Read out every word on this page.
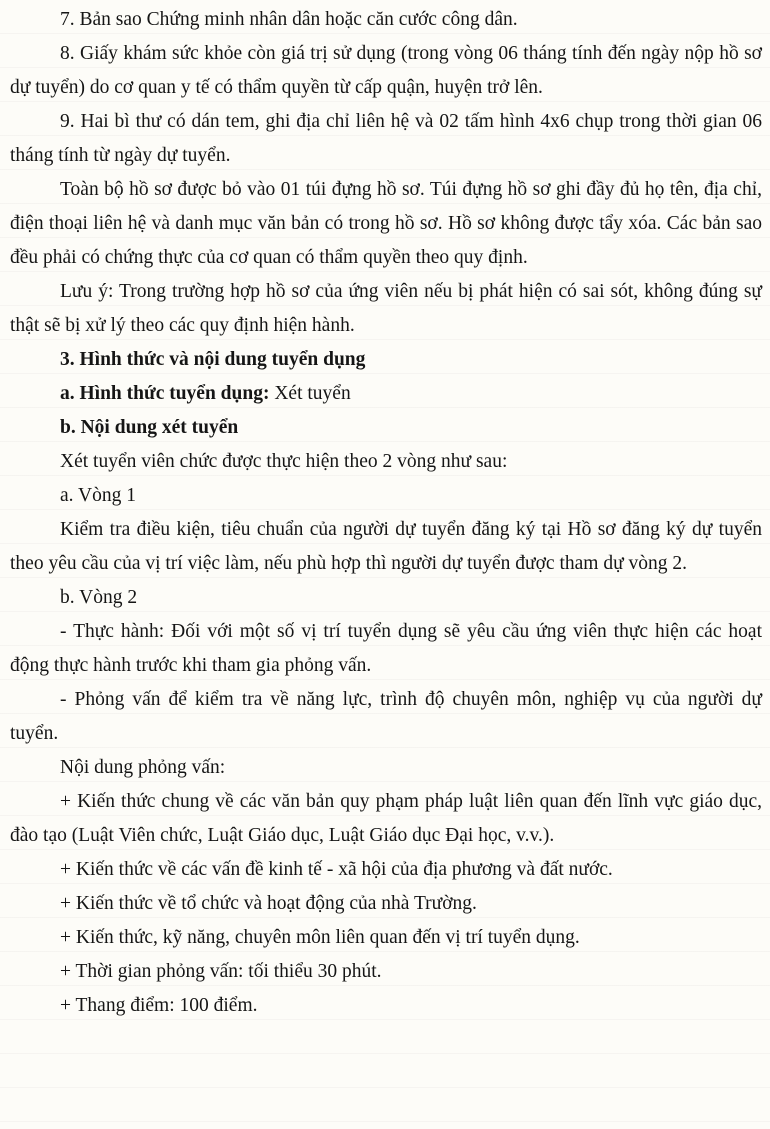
7. Bản sao Chứng minh nhân dân hoặc căn cước công dân.

8. Giấy khám sức khỏe còn giá trị sử dụng (trong vòng 06 tháng tính đến ngày nộp hồ sơ dự tuyển) do cơ quan y tế có thẩm quyền từ cấp quận, huyện trở lên.

9. Hai bì thư có dán tem, ghi địa chỉ liên hệ và 02 tấm hình 4x6 chụp trong thời gian 06 tháng tính từ ngày dự tuyển.

Toàn bộ hồ sơ được bỏ vào 01 túi đựng hồ sơ. Túi đựng hồ sơ ghi đầy đủ họ tên, địa chỉ, điện thoại liên hệ và danh mục văn bản có trong hồ sơ. Hồ sơ không được tẩy xóa. Các bản sao đều phải có chứng thực của cơ quan có thẩm quyền theo quy định.

Lưu ý: Trong trường hợp hồ sơ của ứng viên nếu bị phát hiện có sai sót, không đúng sự thật sẽ bị xử lý theo các quy định hiện hành.

3. Hình thức và nội dung tuyển dụng

a. Hình thức tuyển dụng: Xét tuyển

b. Nội dung xét tuyển

Xét tuyển viên chức được thực hiện theo 2 vòng như sau:

a. Vòng 1

Kiểm tra điều kiện, tiêu chuẩn của người dự tuyển đăng ký tại Hồ sơ đăng ký dự tuyển theo yêu cầu của vị trí việc làm, nếu phù hợp thì người dự tuyển được tham dự vòng 2.

b. Vòng 2

- Thực hành: Đối với một số vị trí tuyển dụng sẽ yêu cầu ứng viên thực hiện các hoạt động thực hành trước khi tham gia phỏng vấn.

- Phỏng vấn để kiểm tra về năng lực, trình độ chuyên môn, nghiệp vụ của người dự tuyển.

Nội dung phỏng vấn:

+ Kiến thức chung về các văn bản quy phạm pháp luật liên quan đến lĩnh vực giáo dục, đào tạo (Luật Viên chức, Luật Giáo dục, Luật Giáo dục Đại học, v.v.).

+ Kiến thức về các vấn đề kinh tế - xã hội của địa phương và đất nước.

+ Kiến thức về tổ chức và hoạt động của nhà Trường.

+ Kiến thức, kỹ năng, chuyên môn liên quan đến vị trí tuyển dụng.

+ Thời gian phỏng vấn: tối thiểu 30 phút.

+ Thang điểm: 100 điểm.
